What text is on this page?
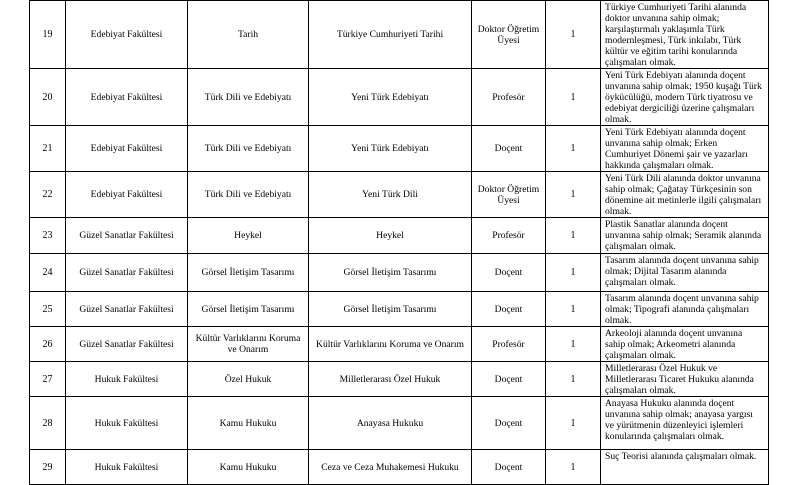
19	Edebiyat Fakültesi	Tarih	Türkiye Cumhuriyeti Tarihi	Doktor Öğretim Üyesi	1	Türkiye Cumhuriyeti Tarihi alanında doktor unvanına sahip olmak; karşılaştırmalı yaklaşımla Türk modernleşmesi, Türk inkılabı, Türk kültür ve eğitim tarihi konularında çalışmaları olmak.
20	Edebiyat Fakültesi	Türk Dili ve Edebiyatı	Yeni Türk Edebiyatı	Profesör	1	Yeni Türk Edebiyatı alanında doçent unvanına sahip olmak; 1950 kuşağı Türk öykücülüğü, modern Türk tiyatrosu ve edebiyat dergiciliği üzerine çalışmaları olmak.
21	Edebiyat Fakültesi	Türk Dili ve Edebiyatı	Yeni Türk Edebiyatı	Doçent	1	Yeni Türk Edebiyatı alanında doçent unvanına sahip olmak; Erken Cumhuriyet Dönemi şair ve yazarları hakkında çalışmaları olmak.
22	Edebiyat Fakültesi	Türk Dili ve Edebiyatı	Yeni Türk Dili	Doktor Öğretim Üyesi	1	Yeni Türk Dili alanında doktor unvanına sahip olmak; Çağatay Türkçesinin son dönemine ait metinlerle ilgili çalışmaları olmak.
23	Güzel Sanatlar Fakültesi	Heykel	Heykel	Profesör	1	Plastik Sanatlar alanında doçent unvanına sahip olmak; Seramik alanında çalışmaları olmak.
24	Güzel Sanatlar Fakültesi	Görsel İletişim Tasarımı	Görsel İletişim Tasarımı	Doçent	1	Tasarım alanında doçent unvanına sahip olmak; Dijital Tasarım alanında çalışmaları olmak.
25	Güzel Sanatlar Fakültesi	Görsel İletişim Tasarımı	Görsel İletişim Tasarımı	Doçent	1	Tasarım alanında doçent unvanına sahip olmak; Tipografi alanında çalışmaları olmak.
26	Güzel Sanatlar Fakültesi	Kültür Varlıklarını Koruma ve Onarım	Kültür Varlıklarını Koruma ve Onarım	Profesör	1	Arkeoloji alanında doçent unvanına sahip olmak; Arkeometri alanında çalışmaları olmak.
27	Hukuk Fakültesi	Özel Hukuk	Milletlerarası Özel Hukuk	Doçent	1	Milletlerarası Özel Hukuk ve Milletlerarası Ticaret Hukuku alanında çalışmaları olmak.
28	Hukuk Fakültesi	Kamu Hukuku	Anayasa Hukuku	Doçent	1	Anayasa Hukuku alanında doçent unvanına sahip olmak; anayasa yargısı ve yürütmenin düzenleyici işlemleri konularında çalışmaları olmak.
29	Hukuk Fakültesi	Kamu Hukuku	Ceza ve Ceza Muhakemesi Hukuku	Doçent	1	Suç Teorisi alanında çalışmaları olmak.
